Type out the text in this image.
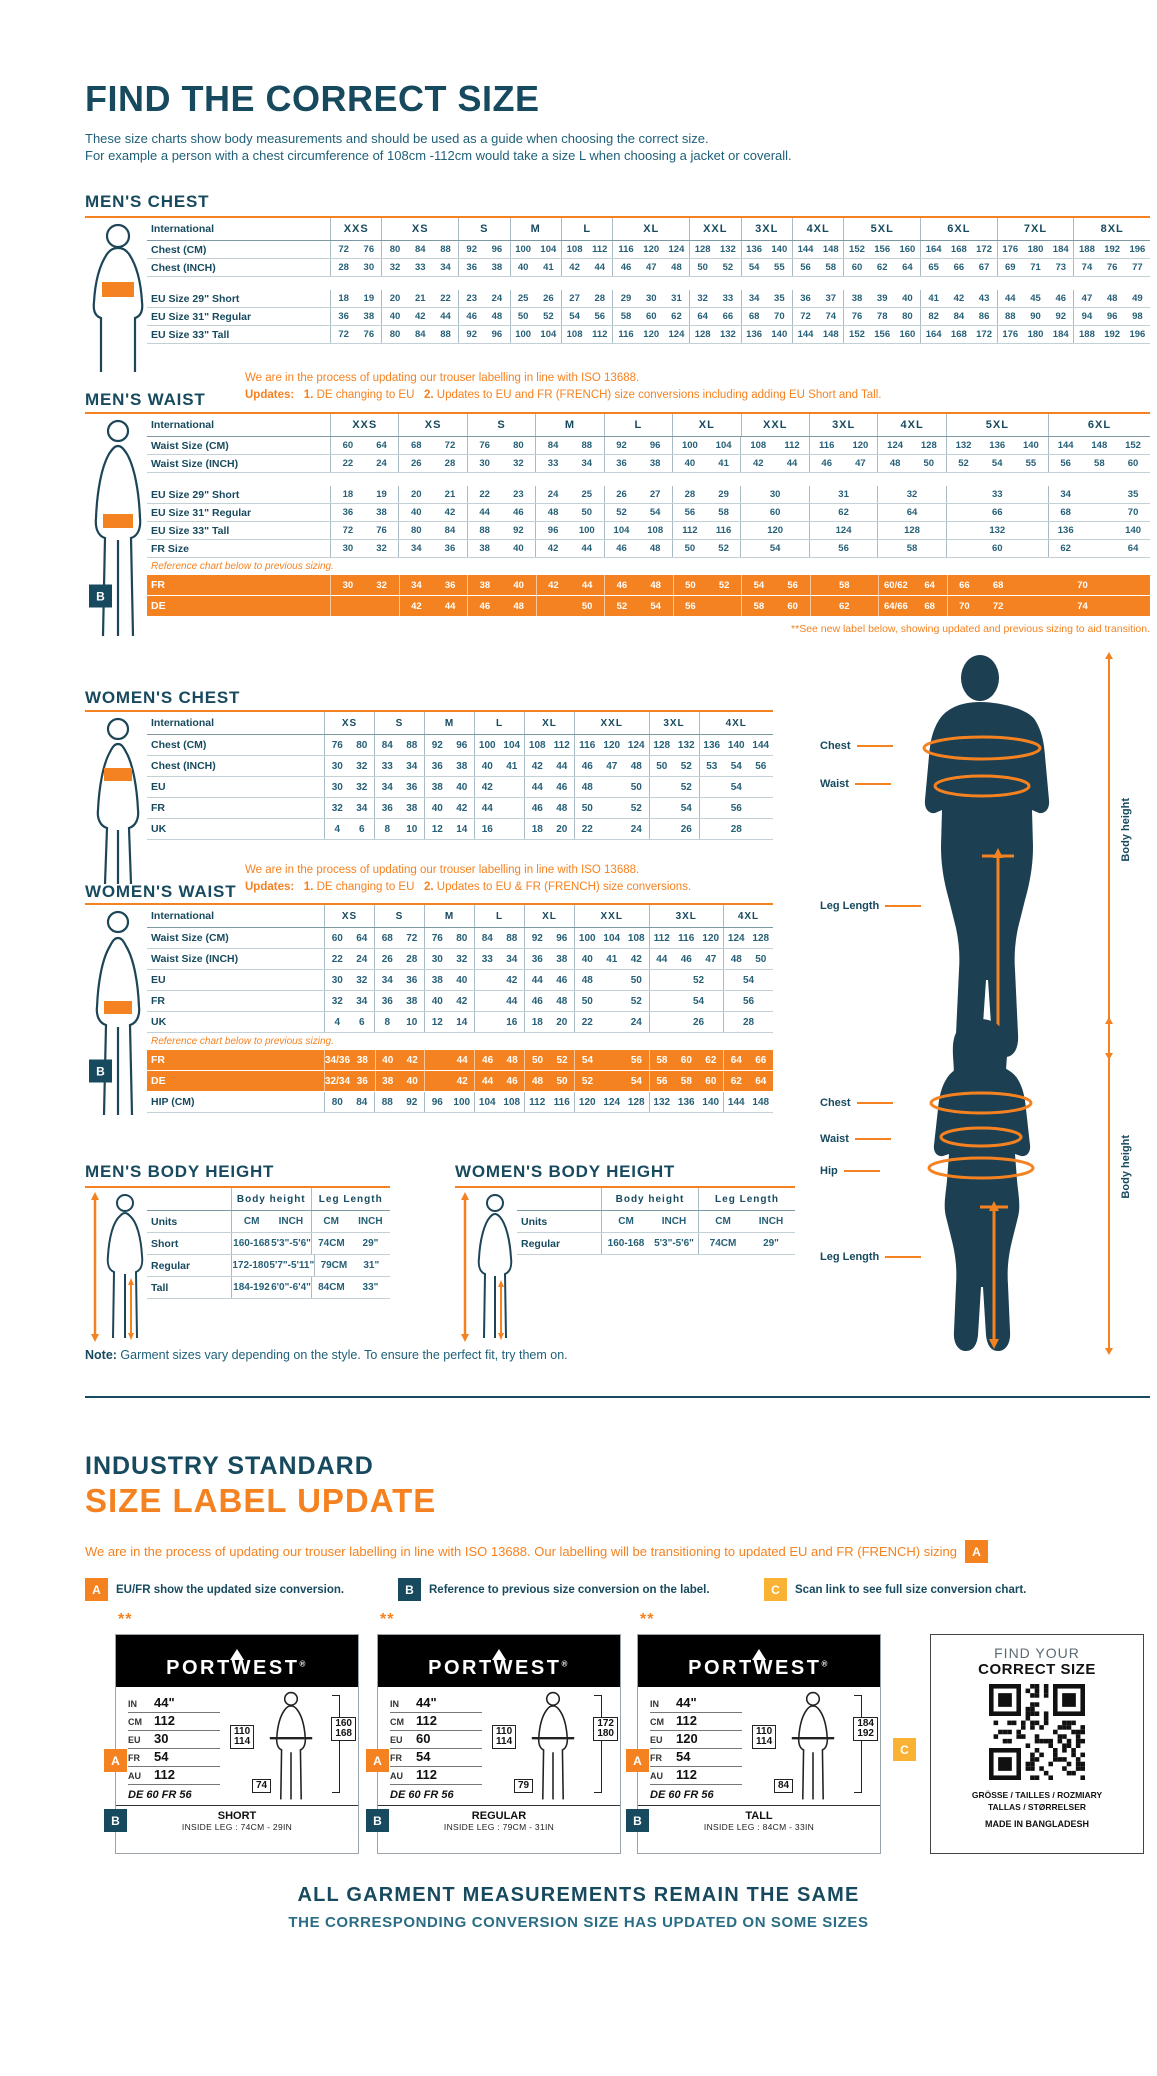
FIND THE CORRECT SIZE
These size charts show body measurements and should be used as a guide when choosing the correct size.
For example a person with a chest circumference of 108cm -112cm would take a size L when choosing a jacket or coverall.
MEN'S CHEST
International	XXS	XS	S	M	L	XL	XXL	3XL	4XL	5XL	6XL	7XL	8XL
Chest (CM)	72	76	80	84	88	92	96	100 104	108	112	116	120 124	128 132	136 140	144 148	152 156 160	164 168 172	176 180 184	188 192 196
Chest (INCH)	28	30	32	33	34	36	38	40	41	42	44	46	47	48	50	52	54	55	56	58	60	62	64	65	66	67	69	71	73	74	76	77
EU Size 29" Short	18	19	20	21	22	23	24	25	26	27	28	29	30	31	32	33	34	35	36	37	38	39	40	41	42	43	44	45	46	47	48	49
EU Size 31" Regular	36	38	40	42	44	46	48	50	52	54	56	58	60	62	64	66	68	70	72	74	76	78	80	82	84	86	88	90	92	94	96	98
EU Size 33" Tall	72	76	80	84	88	92	96	100 104	108	112	116	120 124	128 132	136 140	144 148	152 156 160	164 168 172	176 180 184	188 192 196
We are in the process of updating our trouser labelling in line with ISO 13688.
Updates: 1. DE changing to EU 2. Updates to EU and FR (FRENCH) size conversions including adding EU Short and Tall.
MEN'S WAIST
International	XXS	XS	S	M	L	XL	XXL	3XL	4XL	5XL	6XL
Waist Size (CM)	60	64	68	72	76	80	84	88	92	96	100	104	108	112	116	120	124	128	132	136	140	144	148	152
Waist Size (INCH)	22	24	26	28	30	32	33	34	36	38	40	41	42	44	46	47	48	50	52	54	55	56	58	60
EU Size 29" Short	18	19	20	21	22	23	24	25	26	27	28	29	30	31	32	33	34	35
EU Size 31" Regular	36	38	40	42	44	46	48	50	52	54	56	58	60	62	64	66	68	70
EU Size 33" Tall	72	76	80	84	88	92	96	100	104	108	112	116	120	124	128	132	136	140
FR Size	30	32	34	36	38	40	42	44	46	48	50	52	54	56	58	60	62	64
Reference chart below to previous sizing.
B
FR	30	32	34	36	38	40	42	44	46	48	50	52	54	56	58	60/62	64	66	68	70
DE	42	44	46	48	50	52	54	56	58	60	62	64/66	68	70	72	74
**See new label below, showing updated and previous sizing to aid transition.
WOMEN'S CHEST
International	XS	S	M	L	XL	XXL	3XL	4XL
Chest (CM)	76	80	84	88	92	96	100 104 108 112 116 120 124 128 132 136 140 144
Chest (INCH)	30	32	33	34	36	38	40	41	42	44	46	47	48	50	52	53	54	56
EU	30	32	34	36	38	40	42	44	46	48	50	52	54
FR	32	34	36	38	40	42	44	46	48	50	52	54	56
UK	4	6	8	10	12	14	16	18	20	22	24	26	28
We are in the process of updating our trouser labelling in line with ISO 13688.
Updates: 1. DE changing to EU 2. Updates to EU & FR (FRENCH) size conversions.
WOMEN'S WAIST
International	XS	S	M	L	XL	XXL	3XL	4XL
Waist Size (CM)	60	64	68	72	76	80	84	88	92	96	100 104 108 112 116 120 124 128
Waist Size (INCH)	22	24	26	28	30	32	33	34	36	38	40	41	42	44	46	47	48	50
EU	30	32	34	36	38	40	42	44	46	48	50	52	54
FR	32	34	36	38	40	42	44	46	48	50	52	54	56
UK	4	6	8	10	12	14	16	18	20	22	24	26	28
Reference chart below to previous sizing.
B
FR	34/36 38	40	42	44	46	48	50	52	54	56	58	60	62	64	66
DE	32/34 36	38	40	42	44	46	48	50	52	54	56	58	60	62	64
HIP (CM)	80	84	88	92	96	100 104 108 112 116 120 124 128 132 136 140 144 148
Chest
Waist
Leg Length
Body height
Chest
Waist
Hip
Leg Length
Body height
MEN'S BODY HEIGHT
Body height	Leg Length
Units	CM	INCH	CM	INCH
Short	160-168 5'3"-5'6" 74CM	29"
Regular	172-180 5'7"-5'11" 79CM	31"
Tall	184-192 6'0"-6'4" 84CM	33"
WOMEN'S BODY HEIGHT
Body height	Leg Length
Units	CM	INCH	CM	INCH
Regular	160-168 5'3"-5'6"	74CM	29"
Note: Garment sizes vary depending on the style. To ensure the perfect fit, try them on.
INDUSTRY STANDARD
SIZE LABEL UPDATE
We are in the process of updating our trouser labelling in line with ISO 13688. Our labelling will be transitioning to updated EU and FR (FRENCH) sizing	A
A	EU/FR show the updated size conversion.	B	Reference to previous size conversion on the label.	C	Scan link to see full size conversion chart.
**
PORTWEST®
IN	44"
CM 112
EU	30
FR	54
AU	112
DE 60 FR 56
110
114
160
168
74
A
B	SHORT
INSIDE LEG : 74CM - 29IN
**
PORTWEST®
IN	44"
CM 112
EU	60
FR	54
AU	112
DE 60 FR 56
110
114
172
180
79
A
B	REGULAR
INSIDE LEG : 79CM - 31IN
**
PORTWEST®
IN	44"
CM 112
EU	120
FR	54
AU	112
DE 60 FR 56
110
114
184
192
84
A
B	TALL
INSIDE LEG : 84CM - 33IN
C
FIND YOUR
CORRECT SIZE
GRÖSSE / TAILLES / ROZMIARY
TALLAS / STØRRELSER
MADE IN BANGLADESH
ALL GARMENT MEASUREMENTS REMAIN THE SAME
THE CORRESPONDING CONVERSION SIZE HAS UPDATED ON SOME SIZES
